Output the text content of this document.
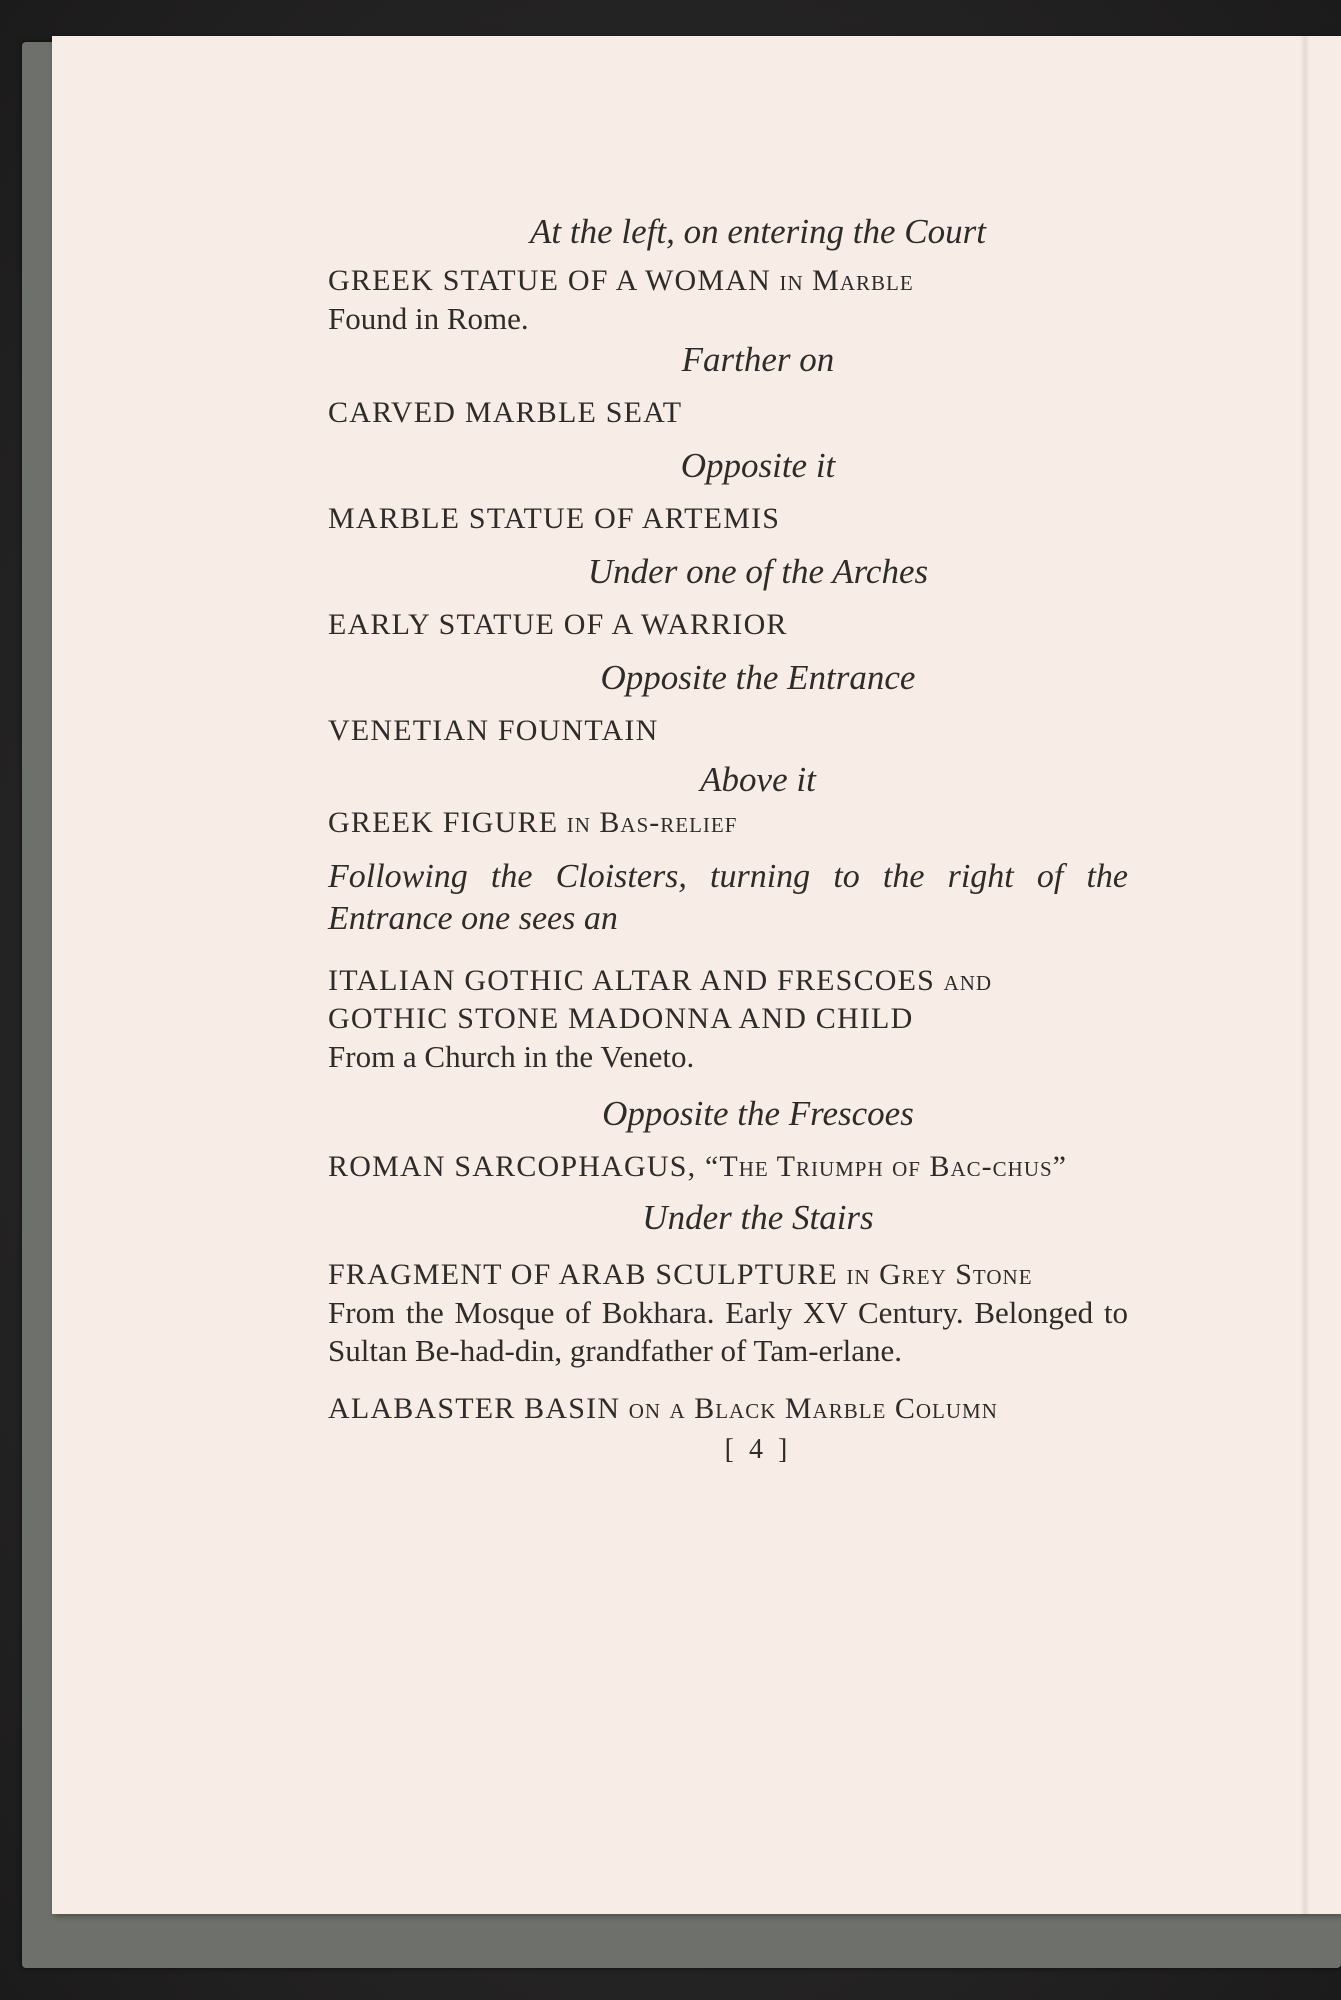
At the left, on entering the Court

GREEK STATUE OF A WOMAN in Marble

Found in Rome.

Farther on

CARVED MARBLE SEAT

Opposite it

MARBLE STATUE OF ARTEMIS

Under one of the Arches

EARLY STATUE OF A WARRIOR

Opposite the Entrance

VENETIAN FOUNTAIN

Above it

GREEK FIGURE in Bas-relief

Following the Cloisters, turning to the right of the Entrance one sees an

ITALIAN GOTHIC ALTAR AND FRESCOES and

GOTHIC STONE MADONNA AND CHILD

From a Church in the Veneto.

Opposite the Frescoes

ROMAN SARCOPHAGUS, “The Triumph of Bac-chus”

Under the Stairs

FRAGMENT OF ARAB SCULPTURE in Grey Stone

From the Mosque of Bokhara. Early XV Century. Belonged to Sultan Be-had-din, grandfather of Tam-erlane.

ALABASTER BASIN on a Black Marble Column

[ 4 ]
